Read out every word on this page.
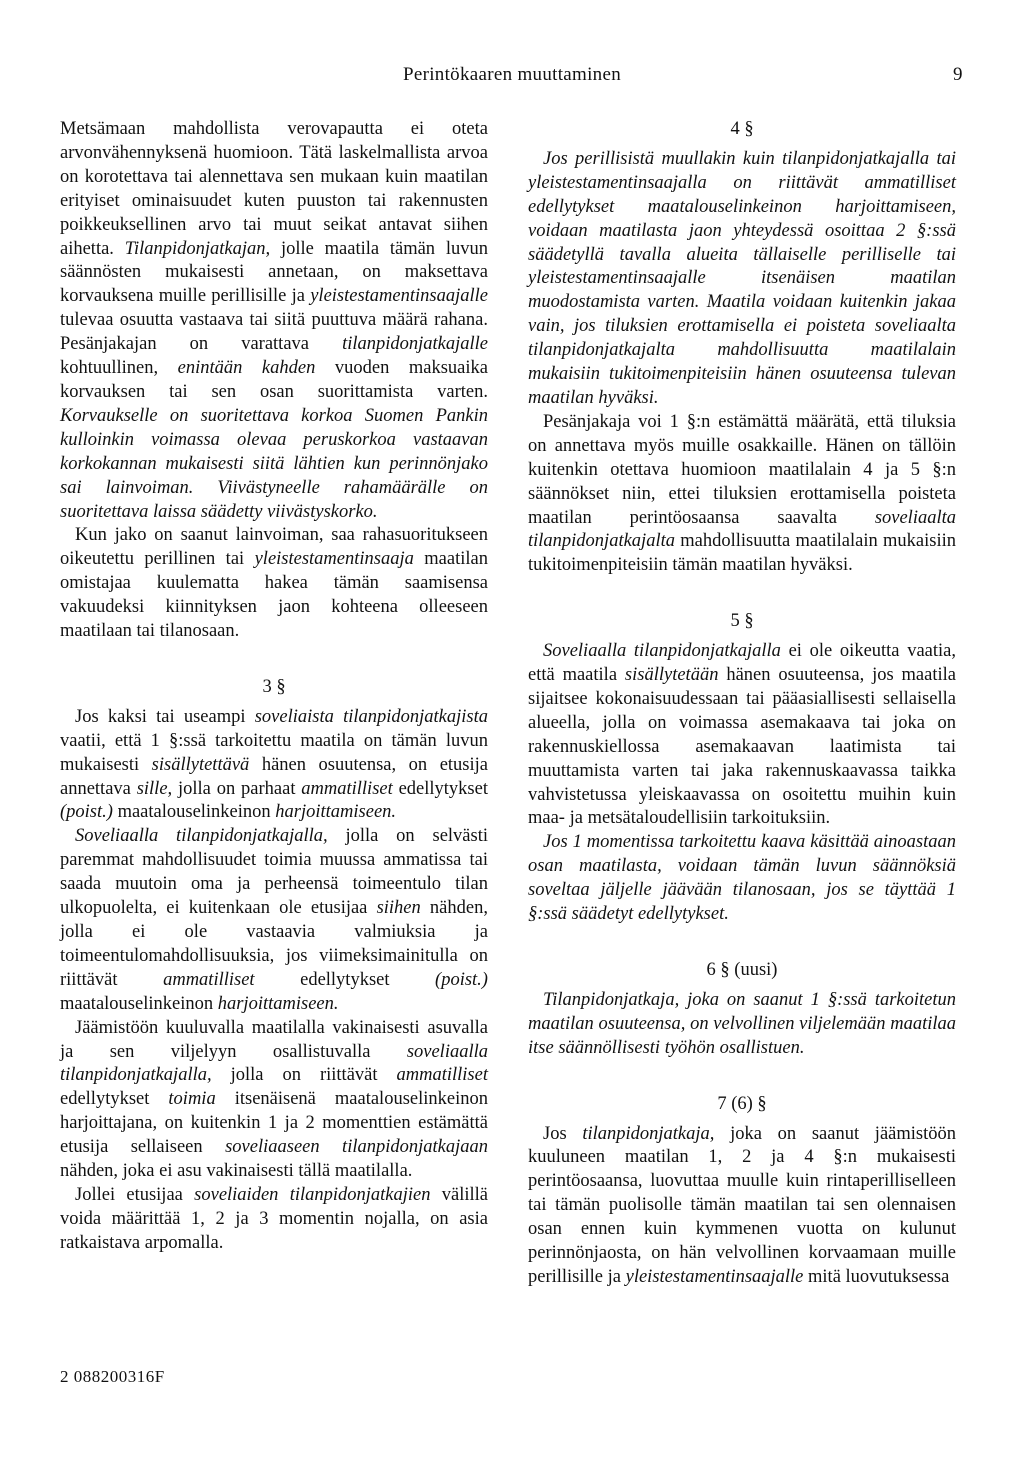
Perintökaaren muuttaminen	9

Metsämaan mahdollista verovapautta ei oteta arvonvähennyksenä huomioon. Tätä laskelmallista arvoa on korotettava tai alennettava sen mukaan kuin maatilan erityiset ominaisuudet kuten puuston tai rakennusten poikkeuksellinen arvo tai muut seikat antavat siihen aihetta. Tilanpidonjatkajan, jolle maatila tämän luvun säännösten mukaisesti annetaan, on maksettava korvauksena muille perillisille ja yleistestamentinsaajalle tulevaa osuutta vastaava tai siitä puuttuva määrä rahana. Pesänjakajan on varattava tilanpidonjatkajalle kohtuullinen, enintään kahden vuoden maksuaika korvauksen tai sen osan suorittamista varten. Korvaukselle on suoritettava korkoa Suomen Pankin kulloinkin voimassa olevaa peruskorkoa vastaavan korkokannan mukaisesti siitä lähtien kun perinnönjako sai lainvoiman. Viivästyneelle rahamäärälle on suoritettava laissa säädetty viivästyskorko.

Kun jako on saanut lainvoiman, saa rahasuoritukseen oikeutettu perillinen tai yleistestamentinsaaja maatilan omistajaa kuulematta hakea tämän saamisensa vakuudeksi kiinnityksen jaon kohteena olleeseen maatilaan tai tilanosaan.

3 §

Jos kaksi tai useampi soveliaista tilanpidonjatkajista vaatii, että 1 §:ssä tarkoitettu maatila on tämän luvun mukaisesti sisällytettävä hänen osuutensa, on etusija annettava sille, jolla on parhaat ammatilliset edellytykset (poist.) maatalouselinkeinon harjoittamiseen.

Soveliaalla tilanpidonjatkajalla, jolla on selvästi paremmat mahdollisuudet toimia muussa ammatissa tai saada muutoin oma ja perheensä toimeentulo tilan ulkopuolelta, ei kuitenkaan ole etusijaa siihen nähden, jolla ei ole vastaavia valmiuksia ja toimeentulomahdollisuuksia, jos viimeksimainitulla on riittävät ammatilliset edellytykset (poist.) maatalouselinkeinon harjoittamiseen.

Jäämistöön kuuluvalla maatilalla vakinaisesti asuvalla ja sen viljelyyn osallistuvalla soveliaalla tilanpidonjatkajalla, jolla on riittävät ammatilliset edellytykset toimia itsenäisenä maatalouselinkeinon harjoittajana, on kuitenkin 1 ja 2 momenttien estämättä etusija sellaiseen soveliaaseen tilanpidonjatkajaan nähden, joka ei asu vakinaisesti tällä maatilalla.

Jollei etusijaa soveliaiden tilanpidonjatkajien välillä voida määrittää 1, 2 ja 3 momentin nojalla, on asia ratkaistava arpomalla.

4 §

Jos perillisistä muullakin kuin tilanpidonjatkajalla tai yleistestamentinsaajalla on riittävät ammatilliset edellytykset maatalouselinkeinon harjoittamiseen, voidaan maatilasta jaon yhteydessä osoittaa 2 §:ssä säädetyllä tavalla alueita tällaiselle perilliselle tai yleistestamentinsaajalle itsenäisen maatilan muodostamista varten. Maatila voidaan kuitenkin jakaa vain, jos tiluksien erottamisella ei poisteta soveliaalta tilanpidonjatkajalta mahdollisuutta maatilalain mukaisiin tukitoimenpiteisiin hänen osuuteensa tulevan maatilan hyväksi.

Pesänjakaja voi 1 §:n estämättä määrätä, että tiluksia on annettava myös muille osakkaille. Hänen on tällöin kuitenkin otettava huomioon maatilalain 4 ja 5 §:n säännökset niin, ettei tiluksien erottamisella poisteta maatilan perintöosaansa saavalta soveliaalta tilanpidonjatkajalta mahdollisuutta maatilalain mukaisiin tukitoimenpiteisiin tämän maatilan hyväksi.

5 §

Soveliaalla tilanpidonjatkajalla ei ole oikeutta vaatia, että maatila sisällytetään hänen osuuteensa, jos maatila sijaitsee kokonaisuudessaan tai pääasiallisesti sellaisella alueella, jolla on voimassa asemakaava tai joka on rakennuskiellossa asemakaavan laatimista tai muuttamista varten tai jaka rakennuskaavassa taikka vahvistetussa yleiskaavassa on osoitettu muihin kuin maa- ja metsätaloudellisiin tarkoituksiin.

Jos 1 momentissa tarkoitettu kaava käsittää ainoastaan osan maatilasta, voidaan tämän luvun säännöksiä soveltaa jäljelle jäävään tilanosaan, jos se täyttää 1 §:ssä säädetyt edellytykset.

6 § (uusi)

Tilanpidonjatkaja, joka on saanut 1 §:ssä tarkoitetun maatilan osuuteensa, on velvollinen viljelemään maatilaa itse säännöllisesti työhön osallistuen.

7 (6) §

Jos tilanpidonjatkaja, joka on saanut jäämistöön kuuluneen maatilan 1, 2 ja 4 §:n mukaisesti perintöosaansa, luovuttaa muulle kuin rintaperilliselleen tai tämän puolisolle tämän maatilan tai sen olennaisen osan ennen kuin kymmenen vuotta on kulunut perinnönjaosta, on hän velvollinen korvaamaan muille perillisille ja yleistestamentinsaajalle mitä luovutuksessa

2 088200316F
